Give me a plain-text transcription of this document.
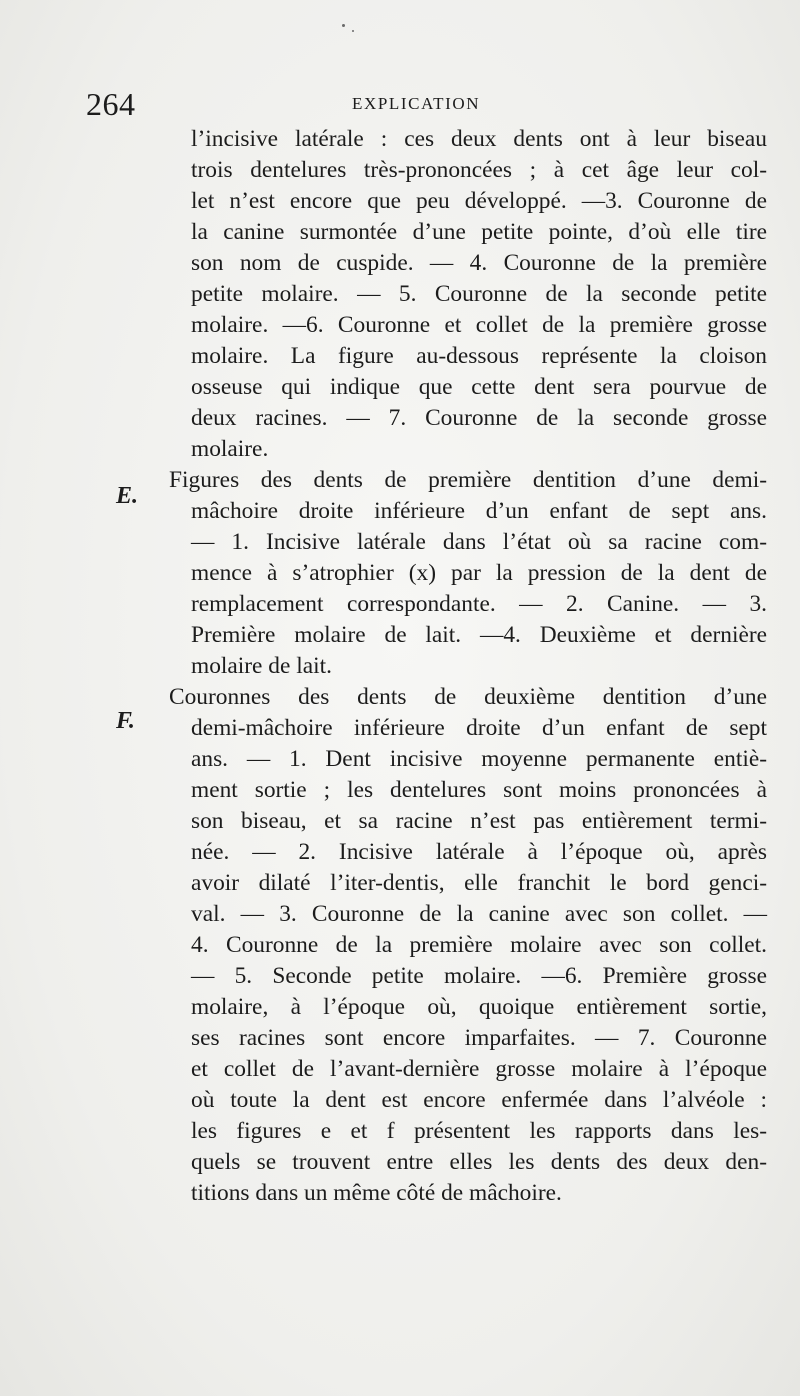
264	EXPLICATION
E.
F.
l’incisive latérale : ces deux dents ont à leur biseau
trois dentelures très-prononcées ; à cet âge leur col-
let n’est encore que peu développé. —3. Couronne de
la canine surmontée d’une petite pointe, d’où elle tire
son nom de cuspide. — 4. Couronne de la première
petite molaire. — 5. Couronne de la seconde petite
molaire. —6. Couronne et collet de la première grosse
molaire. La figure au-dessous représente la cloison
osseuse qui indique que cette dent sera pourvue de
deux racines. — 7. Couronne de la seconde grosse
molaire.
Figures des dents de première dentition d’une demi-
mâchoire droite inférieure d’un enfant de sept ans.
— 1. Incisive latérale dans l’état où sa racine com-
mence à s’atrophier (x) par la pression de la dent de
remplacement correspondante. — 2. Canine. — 3.
Première molaire de lait. —4. Deuxième et dernière
molaire de lait.
Couronnes des dents de deuxième dentition d’une
demi-mâchoire inférieure droite d’un enfant de sept
ans. — 1. Dent incisive moyenne permanente entiè-
ment sortie ; les dentelures sont moins prononcées à
son biseau, et sa racine n’est pas entièrement termi-
née. — 2. Incisive latérale à l’époque où, après
avoir dilaté l’iter-dentis, elle franchit le bord genci-
val. — 3. Couronne de la canine avec son collet. —
4. Couronne de la première molaire avec son collet.
— 5. Seconde petite molaire. —6. Première grosse
molaire, à l’époque où, quoique entièrement sortie,
ses racines sont encore imparfaites. — 7. Couronne
et collet de l’avant-dernière grosse molaire à l’époque
où toute la dent est encore enfermée dans l’alvéole :
les figures e et f présentent les rapports dans les-
quels se trouvent entre elles les dents des deux den-
titions dans un même côté de mâchoire.
